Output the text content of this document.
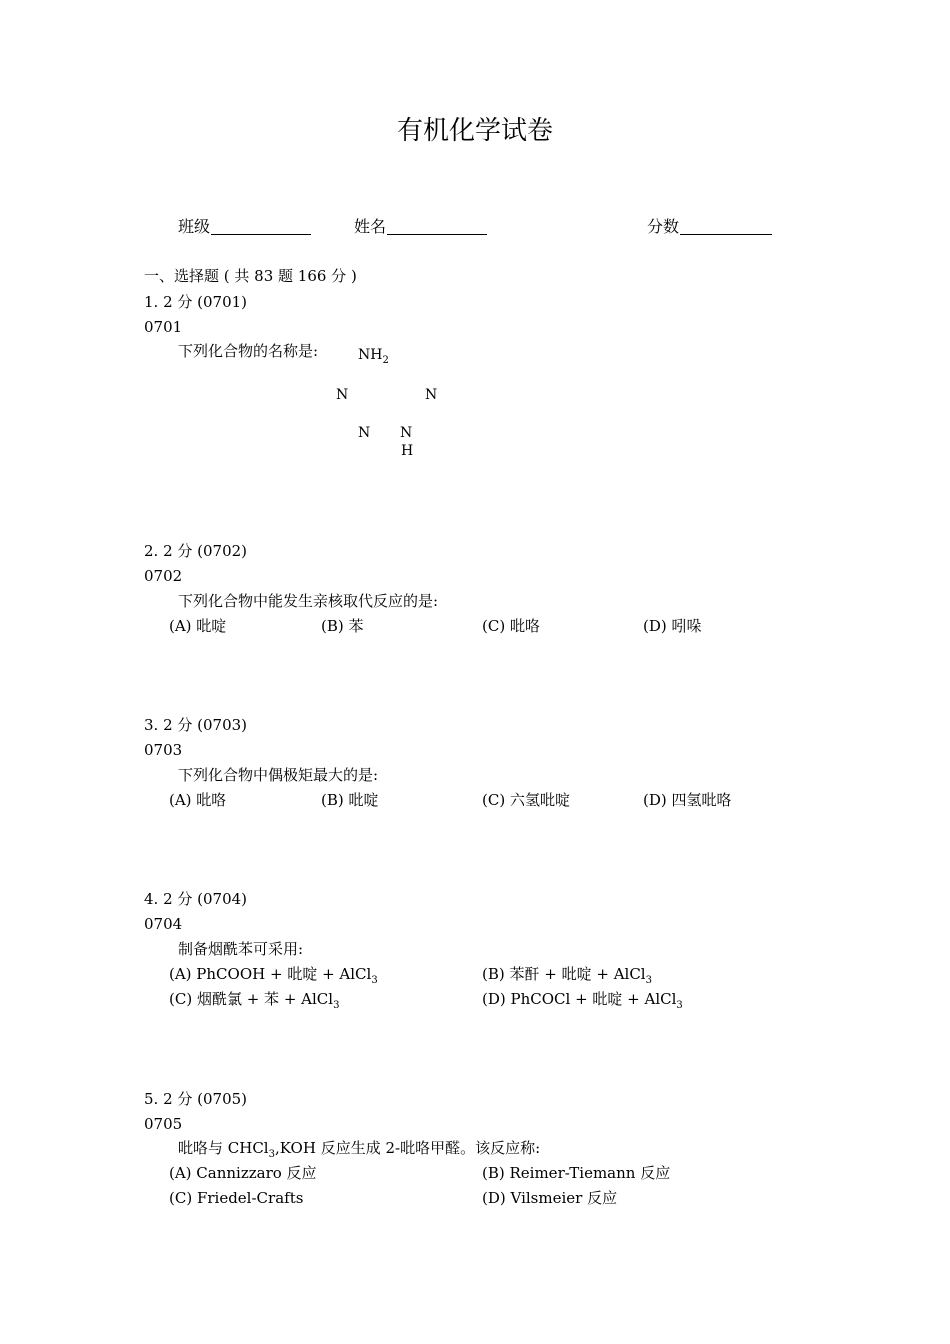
有机化学试卷
班级	姓名	分数
一、选择题 ( 共 83 题 166 分 )
1. 2 分 (0701)
0701
下列化合物的名称是:	$NH_2$
N	N
N N
H
2. 2 分 (0702)
0702
下列化合物中能发生亲核取代反应的是:
(A) 吡啶	(B) 苯	(C) 吡咯	(D) 吲哚
3. 2 分 (0703)
0703
下列化合物中偶极矩最大的是:
(A) 吡咯	(B) 吡啶	(C) 六氢吡啶	(D) 四氢吡咯
4. 2 分 (0704)
0704
制备烟酰苯可采用:
(A) PhCOOH + 吡啶 + AlCl$_3$	(B) 苯酐 + 吡啶 + AlCl$_3$
(C) 烟酰氯 + 苯 + AlCl$_3$	(D) PhCOCl + 吡啶 + AlCl$_3$
5. 2 分 (0705)
0705
吡咯与 CHCl$_3$,KOH 反应生成 2-吡咯甲醛。该反应称:
(A) Cannizzaro 反应	(B) Reimer-Tiemann 反应
(C) Friedel-Crafts	(D) Vilsmeier 反应
